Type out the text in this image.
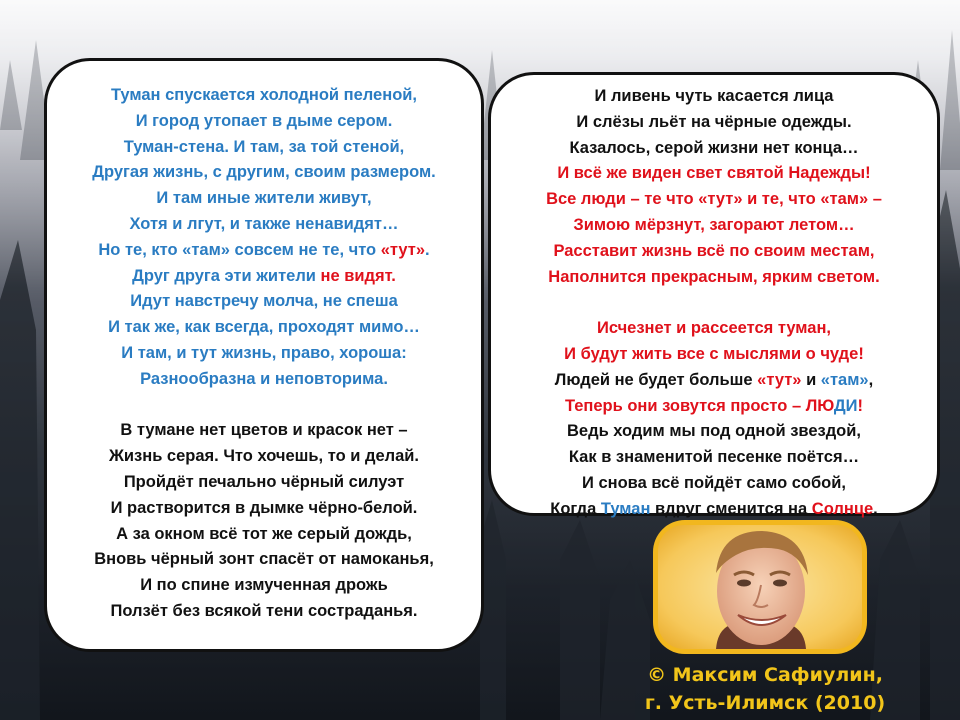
Туман спускается холодной пеленой,
И город утопает в дыме сером.
Туман-стена. И там, за той стеной,
Другая жизнь, с другим, своим размером.
И там иные жители живут,
Хотя и лгут, и также ненавидят…
Но те, кто «там» совсем не те, что «тут».
Друг друга эти жители не видят.
Идут навстречу молча, не спеша
И так же, как всегда, проходят мимо…
И там, и тут жизнь, право, хороша:
Разнообразна и неповторима.
В тумане нет цветов и красок нет –
Жизнь серая. Что хочешь, то и делай.
Пройдёт печально чёрный силуэт
И растворится в дымке чёрно-белой.
А за окном всё тот же серый дождь,
Вновь чёрный зонт спасёт от намоканья,
И по спине измученная дрожь
Ползёт без всякой тени состраданья.
И ливень чуть касается лица
И слёзы льёт на чёрные одежды.
Казалось, серой жизни нет конца…
И всё же виден свет святой Надежды!
Все люди – те что «тут» и те, что «там» –
Зимою мёрзнут, загорают летом…
Расставит жизнь всё по своим местам,
Наполнится прекрасным, ярким светом.
Исчезнет и рассеется туман,
И будут жить все с мыслями о чуде!
Людей не будет больше «тут» и «там»,
Теперь они зовутся просто – ЛЮДИ!
Ведь ходим мы под одной звездой,
Как в знаменитой песенке поётся…
И снова всё пойдёт само собой,
Когда Туман вдруг сменится на Солнце.
© Максим Сафиулин,
г. Усть-Илимск (2010)
